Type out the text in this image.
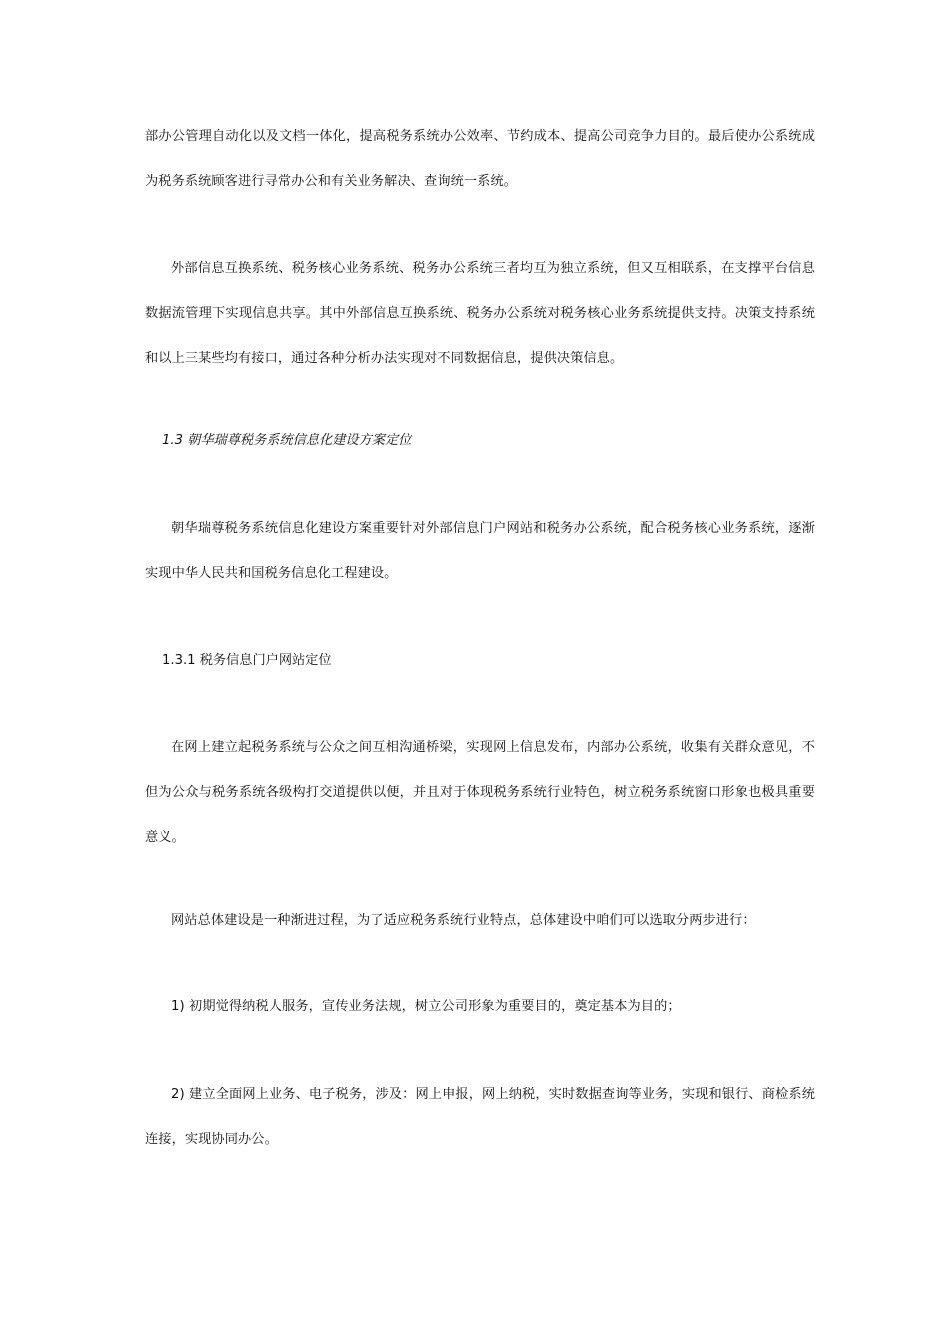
部办公管理自动化以及文档一体化，提高税务系统办公效率、节约成本、提高公司竞争力目的。最后使办公系统成为税务系统顾客进行寻常办公和有关业务解决、查询统一系统。

外部信息互换系统、税务核心业务系统、税务办公系统三者均互为独立系统，但又互相联系，在支撑平台信息数据流管理下实现信息共享。其中外部信息互换系统、税务办公系统对税务核心业务系统提供支持。决策支持系统和以上三某些均有接口，通过各种分析办法实现对不同数据信息，提供决策信息。

1.3 朝华瑞尊税务系统信息化建设方案定位

朝华瑞尊税务系统信息化建设方案重要针对外部信息门户网站和税务办公系统，配合税务核心业务系统，逐渐实现中华人民共和国税务信息化工程建设。

1.3.1 税务信息门户网站定位

在网上建立起税务系统与公众之间互相沟通桥梁，实现网上信息发布，内部办公系统，收集有关群众意见，不但为公众与税务系统各级构打交道提供以便，并且对于体现税务系统行业特色，树立税务系统窗口形象也极具重要意义。

网站总体建设是一种渐进过程，为了适应税务系统行业特点，总体建设中咱们可以选取分两步进行：

1) 初期觉得纳税人服务，宣传业务法规，树立公司形象为重要目的，奠定基本为目的；

2) 建立全面网上业务、电子税务，涉及：网上申报，网上纳税，实时数据查询等业务，实现和银行、商检系统连接，实现协同办公。
